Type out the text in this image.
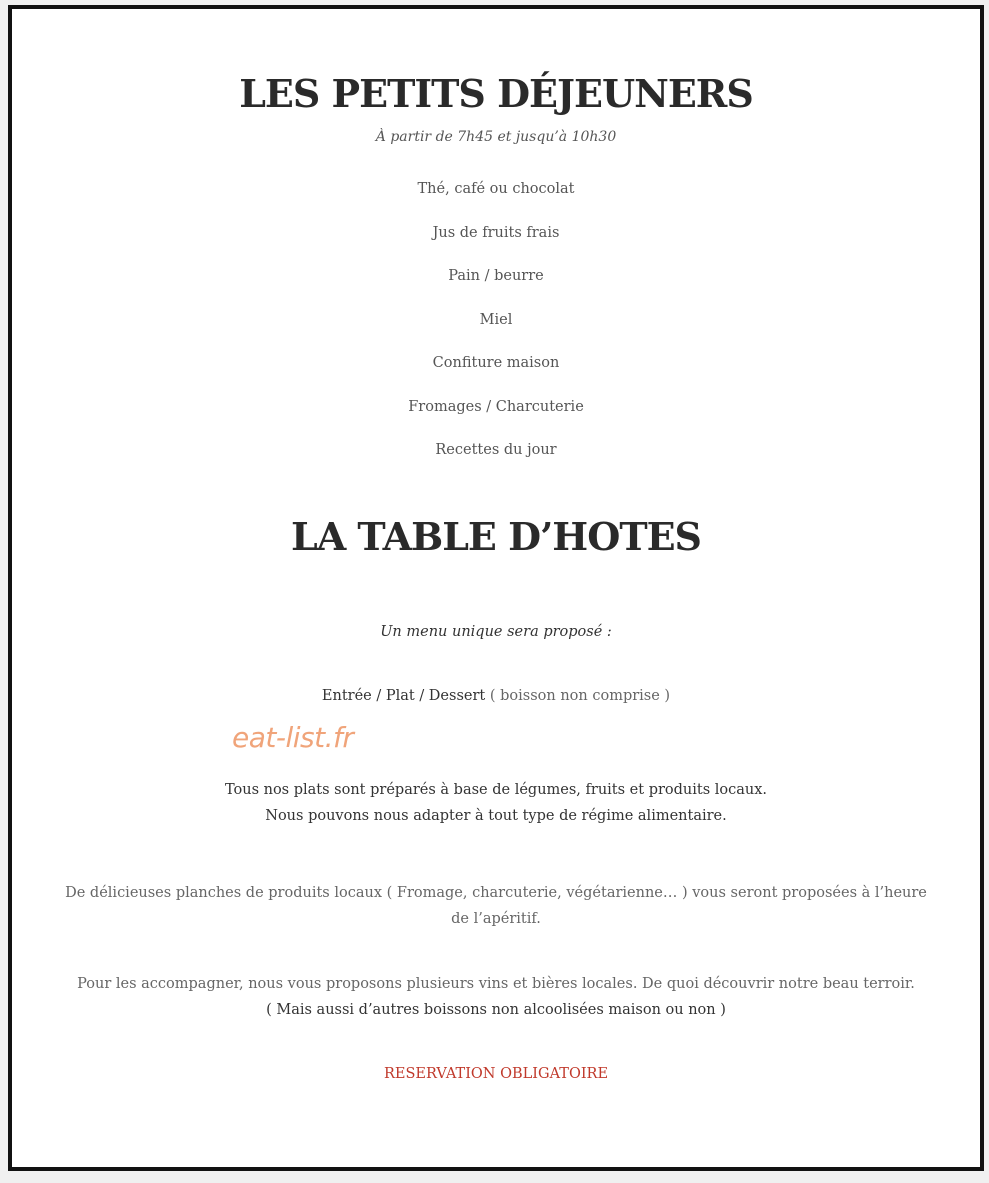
LES PETITS DÉJEUNERS
À partir de 7h45 et jusqu’à 10h30
Thé, café ou chocolat
Jus de fruits frais
Pain / beurre
Miel
Confiture maison
Fromages / Charcuterie
Recettes du jour
LA TABLE D’HOTES
Un menu unique sera proposé :
Entrée / Plat / Dessert ( boisson non comprise )
eat-list.fr
Tous nos plats sont préparés à base de légumes, fruits et produits locaux.
Nous pouvons nous adapter à tout type de régime alimentaire.
De délicieuses planches de produits locaux ( Fromage, charcuterie, végétarienne… ) vous seront proposées à l’heure
de l’apéritif.
Pour les accompagner, nous vous proposons plusieurs vins et bières locales. De quoi découvrir notre beau terroir.
( Mais aussi d’autres boissons non alcoolisées maison ou non )
RESERVATION OBLIGATOIRE
